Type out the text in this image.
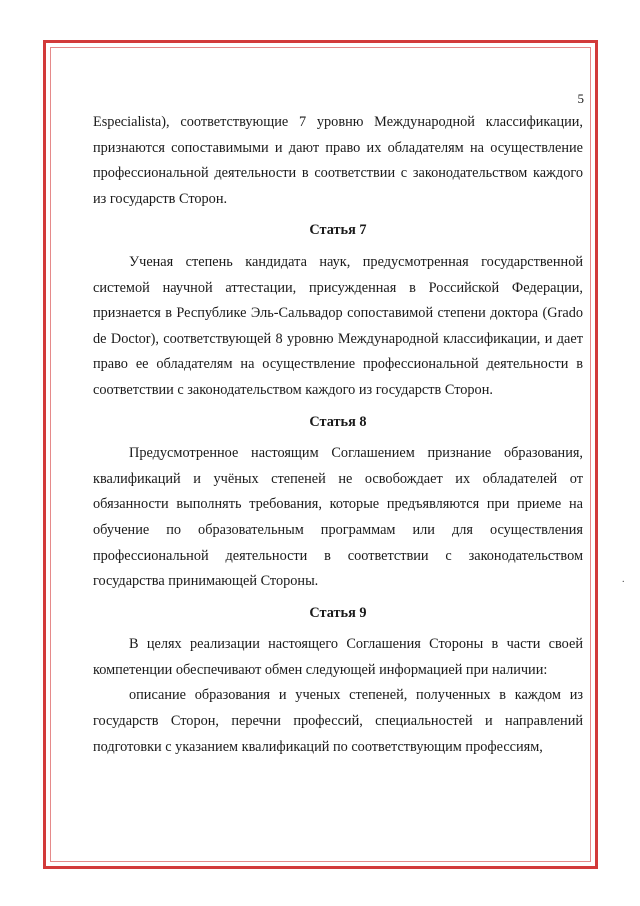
5

Especialista), соответствующие 7 уровню Международной классификации, признаются сопоставимыми и дают право их обладателям на осуществление профессиональной деятельности в соответствии с законодательством каждого из государств Сторон.

Статья 7

Ученая степень кандидата наук, предусмотренная государственной системой научной аттестации, присужденная в Российской Федерации, признается в Республике Эль-Сальвадор сопоставимой степени доктора (Grado de Doctor), соответствующей 8 уровню Международной классификации, и дает право ее обладателям на осуществление профессиональной деятельности в соответствии с законодательством каждого из государств Сторон.

Статья 8

Предусмотренное настоящим Соглашением признание образования, квалификаций и учёных степеней не освобождает их обладателей от обязанности выполнять требования, которые предъявляются при приеме на обучение по образовательным программам или для осуществления профессиональной деятельности в соответствии с законодательством государства принимающей Стороны.

Статья 9

В целях реализации настоящего Соглашения Стороны в части своей компетенции обеспечивают обмен следующей информацией при наличии:

описание образования и ученых степеней, полученных в каждом из государств Сторон, перечни профессий, специальностей и направлений подготовки с указанием квалификаций по соответствующим профессиям,

.
